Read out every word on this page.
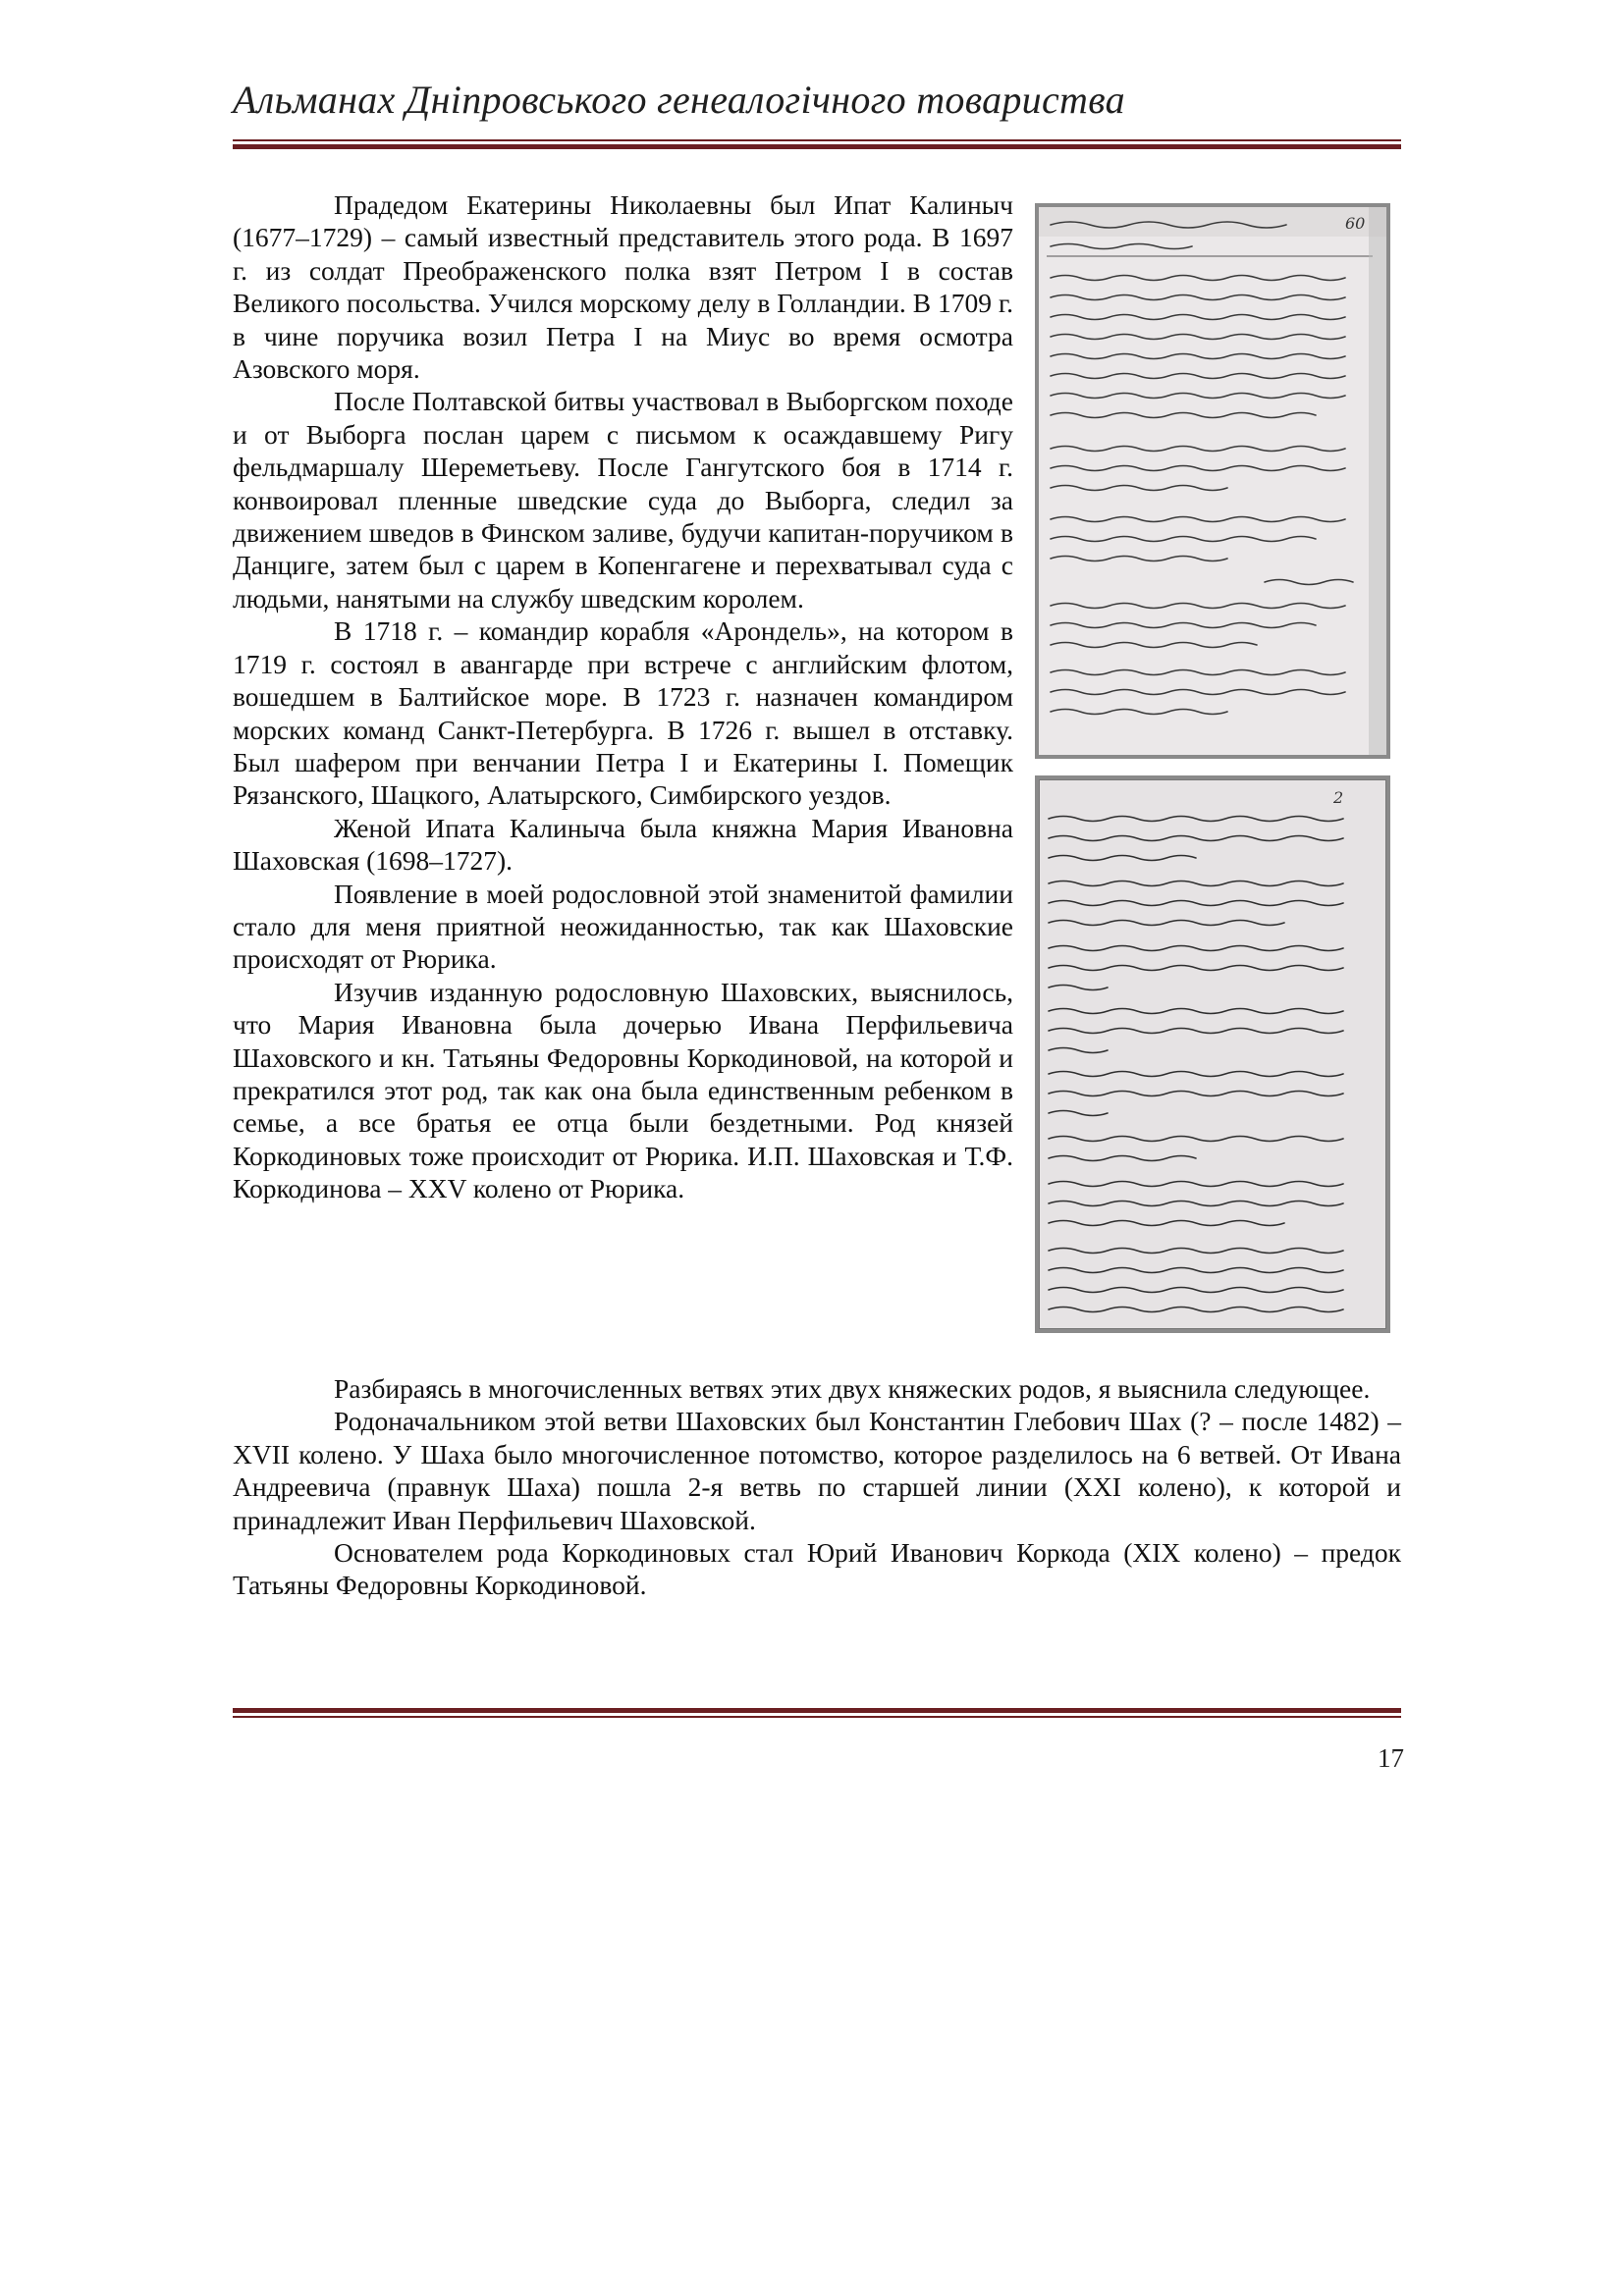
Альманах Дніпровського генеалогічного товариства

Прадедом Екатерины Николаевны был Ипат Калиныч (1677–1729) – самый известный представитель этого рода. В 1697 г. из солдат Преображенского полка взят Петром I в состав Великого посольства. Учился морскому делу в Голландии. В 1709 г. в чине поручика возил Петра I на Миус во время осмотра Азовского моря.

После Полтавской битвы участвовал в Выборгском походе и от Выборга послан царем с письмом к осаждавшему Ригу фельдмаршалу Шереметьеву. После Гангутского боя в 1714 г. конвоировал пленные шведские суда до Выборга, следил за движением шведов в Финском заливе, будучи капитан-поручиком в Данциге, затем был с царем в Копенгагене и перехватывал суда с людьми, нанятыми на службу шведским королем.

В 1718 г. – командир корабля «Арондель», на котором в 1719 г. состоял в авангарде при встрече с английским флотом, вошедшем в Балтийское море. В 1723 г. назначен командиром морских команд Санкт-Петербурга. В 1726 г. вышел в отставку. Был шафером при венчании Петра I и Екатерины I. Помещик Рязанского, Шацкого, Алатырского, Симбирского уездов.

Женой Ипата Калиныча была княжна Мария Ивановна Шаховская (1698–1727).

Появление в моей родословной этой знаменитой фамилии стало для меня приятной неожиданностью, так как Шаховские происходят от Рюрика.

Изучив изданную родословную Шаховских, выяснилось, что Мария Ивановна была дочерью Ивана Перфильевича Шаховского и кн. Татьяны Федоровны Коркодиновой, на которой и прекратился этот род, так как она была единственным ребенком в семье, а все братья ее отца были бездетными. Род князей Коркодиновых тоже происходит от Рюрика. И.П. Шаховская и Т.Ф. Коркодинова – XXV колено от Рюрика.

Разбираясь в многочисленных ветвях этих двух княжеских родов, я выяснила следующее.

Родоначальником этой ветви Шаховских был Константин Глебович Шах (? – после 1482) – XVII колено. У Шаха было многочисленное потомство, которое разделилось на 6 ветвей. От Ивана Андреевича (правнук Шаха) пошла 2-я ветвь по старшей линии (XXI колено), к которой и принадлежит Иван Перфильевич Шаховской.

Основателем рода Коркодиновых стал Юрий Иванович Коркода (XIX колено) – предок Татьяны Федоровны Коркодиновой.

60
2
17
